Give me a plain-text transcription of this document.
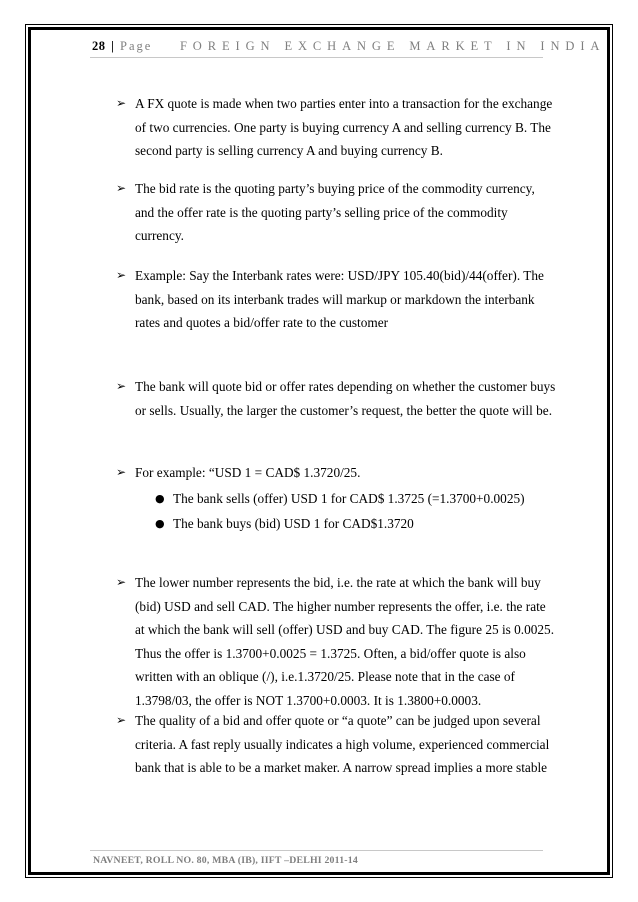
28 | Page FOREIGN EXCHANGE MARKET IN INDIA
➢ A FX quote is made when two parties enter into a transaction for the exchange of two currencies. One party is buying currency A and selling currency B. The second party is selling currency A and buying currency B.
➢ The bid rate is the quoting party’s buying price of the commodity currency, and the offer rate is the quoting party’s selling price of the commodity currency.
➢ Example: Say the Interbank rates were: USD/JPY 105.40(bid)/44(offer). The bank, based on its interbank trades will markup or markdown the interbank rates and quotes a bid/offer rate to the customer
➢ The bank will quote bid or offer rates depending on whether the customer buys or sells. Usually, the larger the customer’s request, the better the quote will be.
➢ For example: “USD 1 = CAD$ 1.3720/25.
● The bank sells (offer) USD 1 for CAD$ 1.3725 (=1.3700+0.0025)
● The bank buys (bid) USD 1 for CAD$1.3720
➢ The lower number represents the bid, i.e. the rate at which the bank will buy (bid) USD and sell CAD. The higher number represents the offer, i.e. the rate at which the bank will sell (offer) USD and buy CAD. The figure 25 is 0.0025. Thus the offer is 1.3700+0.0025 = 1.3725. Often, a bid/offer quote is also written with an oblique (/), i.e.1.3720/25. Please note that in the case of 1.3798/03, the offer is NOT 1.3700+0.0003. It is 1.3800+0.0003.
➢ The quality of a bid and offer quote or “a quote” can be judged upon several criteria. A fast reply usually indicates a high volume, experienced commercial bank that is able to be a market maker. A narrow spread implies a more stable
NAVNEET, ROLL NO. 80, MBA (IB), IIFT –DELHI 2011-14
